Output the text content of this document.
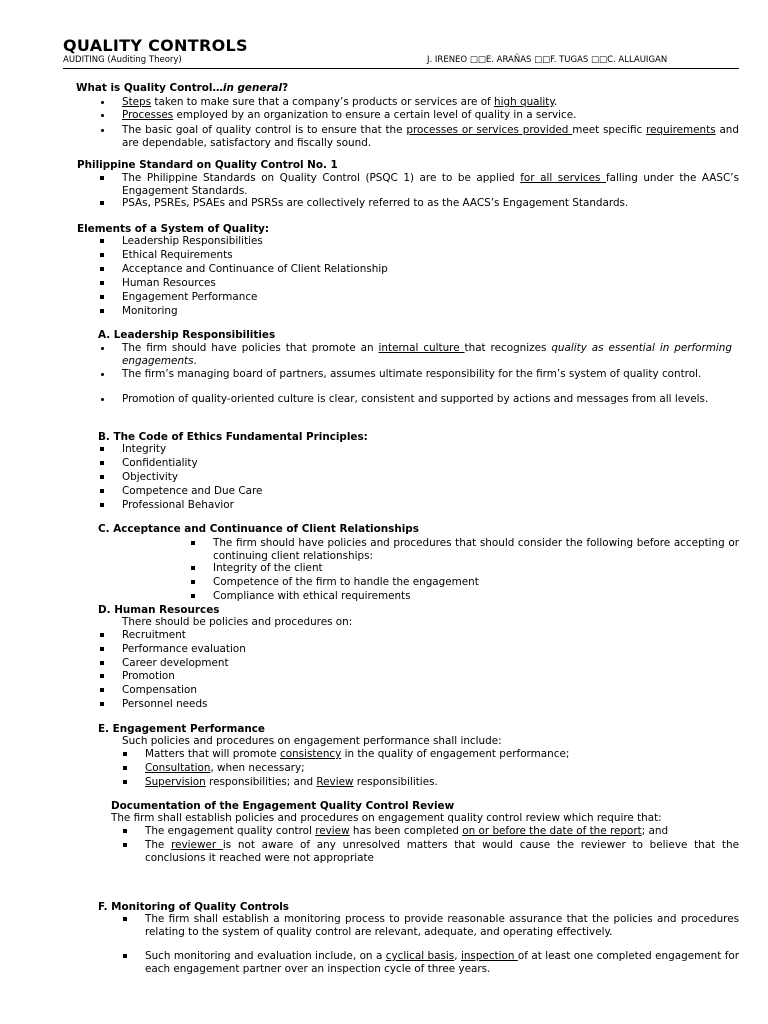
QUALITY CONTROLS
AUDITING (Auditing Theory)	J. IRENEO □□E. ARAÑAS □□F. TUGAS □□C. ALLAUIGAN

What is Quality Control…in general?

Steps taken to make sure that a company’s products or services are of high quality.
Processes employed by an organization to ensure a certain level of quality in a service.
The basic goal of quality control is to ensure that the processes or services provided meet specific requirements and are dependable, satisfactory and fiscally sound.

Philippine Standard on Quality Control No. 1

The Philippine Standards on Quality Control (PSQC 1) are to be applied for all services falling under the AASC’s Engagement Standards.
PSAs, PSREs, PSAEs and PSRSs are collectively referred to as the AACS’s Engagement Standards.

Elements of a System of Quality:

Leadership Responsibilities
Ethical Requirements
Acceptance and Continuance of Client Relationship
Human Resources
Engagement Performance
Monitoring

A. Leadership Responsibilities

The firm should have policies that promote an internal culture that recognizes quality as essential in performing engagements.
The firm’s managing board of partners, assumes ultimate responsibility for the firm’s system of quality control.
Promotion of quality-oriented culture is clear, consistent and supported by actions and messages from all levels.

B. The Code of Ethics Fundamental Principles:

Integrity
Confidentiality
Objectivity
Competence and Due Care
Professional Behavior

C. Acceptance and Continuance of Client Relationships

The firm should have policies and procedures that should consider the following before accepting or continuing client relationships:
Integrity of the client
Competence of the firm to handle the engagement
Compliance with ethical requirements

D. Human Resources

There should be policies and procedures on:

Recruitment
Performance evaluation
Career development
Promotion
Compensation
Personnel needs

E. Engagement Performance

Such policies and procedures on engagement performance shall include:

Matters that will promote consistency in the quality of engagement performance;
Consultation, when necessary;
Supervision responsibilities; and Review responsibilities.

Documentation of the Engagement Quality Control Review

The firm shall establish policies and procedures on engagement quality control review which require that:

The engagement quality control review has been completed on or before the date of the report; and
The reviewer is not aware of any unresolved matters that would cause the reviewer to believe that the conclusions it reached were not appropriate

F. Monitoring of Quality Controls

The firm shall establish a monitoring process to provide reasonable assurance that the policies and procedures relating to the system of quality control are relevant, adequate, and operating effectively.
Such monitoring and evaluation include, on a cyclical basis, inspection of at least one completed engagement for each engagement partner over an inspection cycle of three years.
